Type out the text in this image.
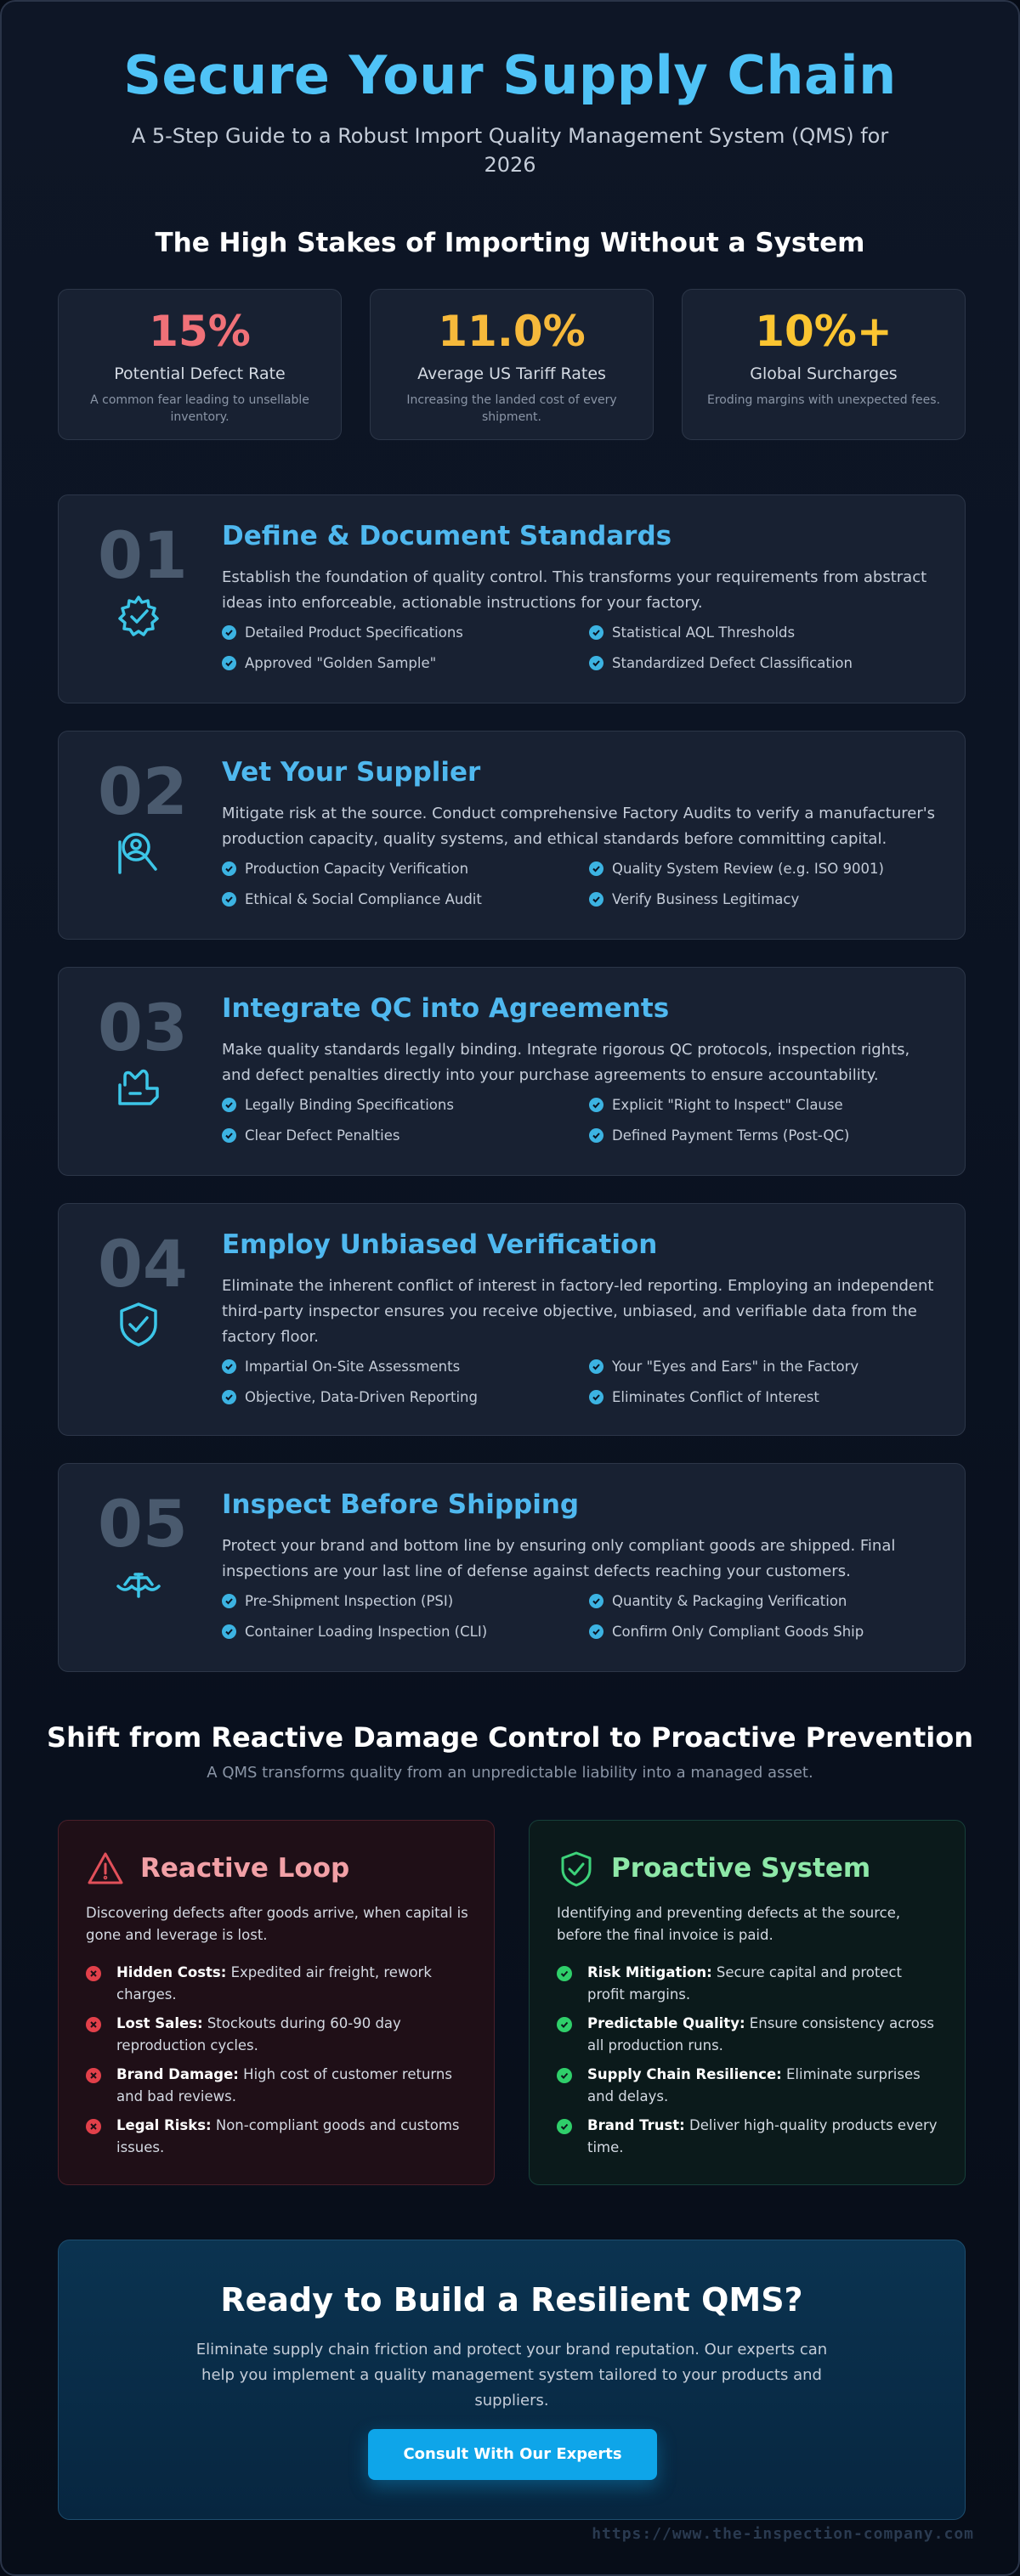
Secure Your Supply Chain

A 5-Step Guide to a Robust Import Quality Management System (QMS) for 2026

The High Stakes of Importing Without a System
15%
Potential Defect Rate
A common fear leading to unsellable inventory.
11.0%
Average US Tariff Rates
Increasing the landed cost of every shipment.
10%+
Global Surcharges
Eroding margins with unexpected fees.
01 Define & Document Standards
Establish the foundation of quality control. This transforms your requirements from abstract ideas into enforceable, actionable instructions for your factory.
Detailed Product Specifications	Statistical AQL Thresholds
Approved "Golden Sample"	Standardized Defect Classification
02 Vet Your Supplier
Mitigate risk at the source. Conduct comprehensive Factory Audits to verify a manufacturer's production capacity, quality systems, and ethical standards before committing capital.
Production Capacity Verification	Quality System Review (e.g. ISO 9001)
Ethical & Social Compliance Audit	Verify Business Legitimacy
03 Integrate QC into Agreements
Make quality standards legally binding. Integrate rigorous QC protocols, inspection rights, and defect penalties directly into your purchase agreements to ensure accountability.
Legally Binding Specifications	Explicit "Right to Inspect" Clause
Clear Defect Penalties	Defined Payment Terms (Post-QC)
04 Employ Unbiased Verification
Eliminate the inherent conflict of interest in factory-led reporting. Employing an independent third-party inspector ensures you receive objective, unbiased, and verifiable data from the factory floor.
Impartial On-Site Assessments	Your "Eyes and Ears" in the Factory
Objective, Data-Driven Reporting	Eliminates Conflict of Interest
05 Inspect Before Shipping
Protect your brand and bottom line by ensuring only compliant goods are shipped. Final inspections are your last line of defense against defects reaching your customers.
Pre-Shipment Inspection (PSI)	Quantity & Packaging Verification
Container Loading Inspection (CLI)	Confirm Only Compliant Goods Ship
Shift from Reactive Damage Control to Proactive Prevention
A QMS transforms quality from an unpredictable liability into a managed asset.
Reactive Loop
Discovering defects after goods arrive, when capital is gone and leverage is lost.
Hidden Costs: Expedited air freight, rework charges.
Lost Sales: Stockouts during 60-90 day reproduction cycles.
Brand Damage: High cost of customer returns and bad reviews.
Legal Risks: Non-compliant goods and customs issues.
Proactive System
Identifying and preventing defects at the source, before the final invoice is paid.
Risk Mitigation: Secure capital and protect profit margins.
Predictable Quality: Ensure consistency across all production runs.
Supply Chain Resilience: Eliminate surprises and delays.
Brand Trust: Deliver high-quality products every time.
Ready to Build a Resilient QMS?

Eliminate supply chain friction and protect your brand reputation. Our experts can help you implement a quality management system tailored to your products and suppliers.

Consult With Our Experts
https://www.the-inspection-company.com
